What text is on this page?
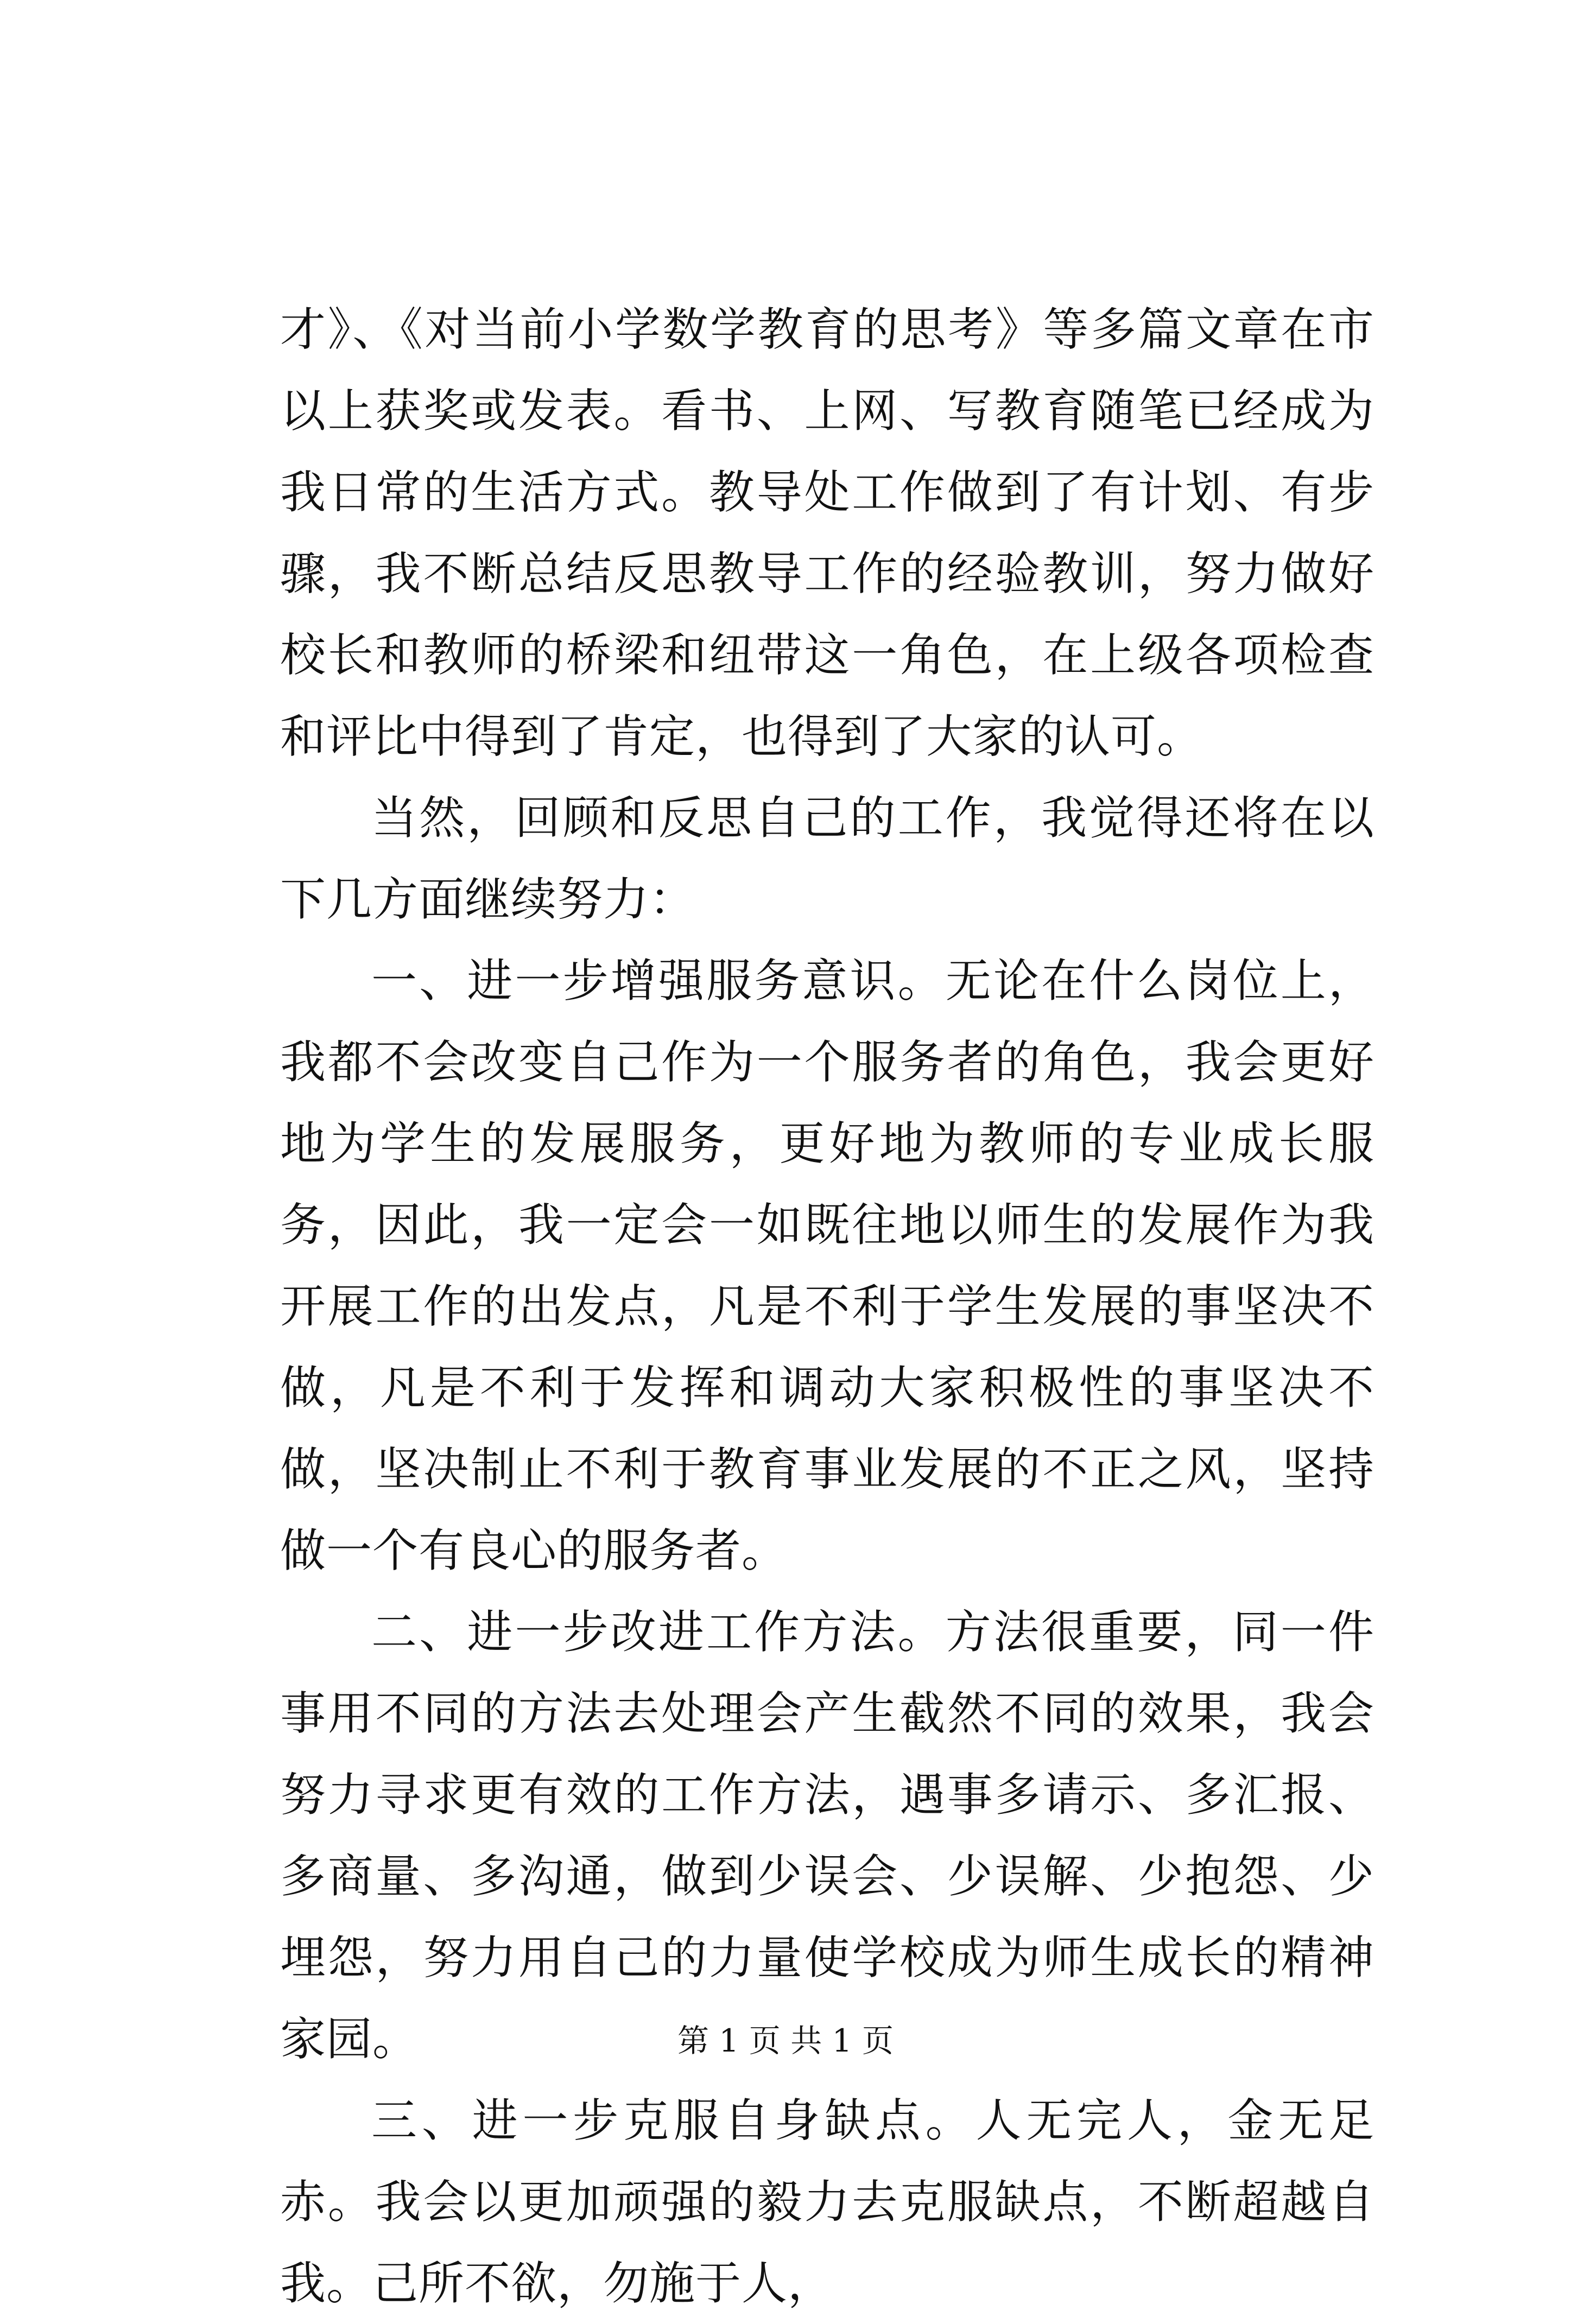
才》、《对当前小学数学教育的思考》等多篇文章在市以上获奖或发表。看书、上网、写教育随笔已经成为我日常的生活方式。教导处工作做到了有计划、有步骤，我不断总结反思教导工作的经验教训，努力做好校长和教师的桥梁和纽带这一角色，在上级各项检查和评比中得到了肯定，也得到了大家的认可。

当然，回顾和反思自己的工作，我觉得还将在以下几方面继续努力：

一、进一步增强服务意识。无论在什么岗位上，我都不会改变自己作为一个服务者的角色，我会更好地为学生的发展服务，更好地为教师的专业成长服务，因此，我一定会一如既往地以师生的发展作为我开展工作的出发点，凡是不利于学生发展的事坚决不做，凡是不利于发挥和调动大家积极性的事坚决不做，坚决制止不利于教育事业发展的不正之风，坚持做一个有良心的服务者。

二、进一步改进工作方法。方法很重要，同一件事用不同的方法去处理会产生截然不同的效果，我会努力寻求更有效的工作方法，遇事多请示、多汇报、多商量、多沟通，做到少误会、少误解、少抱怨、少埋怨，努力用自己的力量使学校成为师生成长的精神家园。

三、进一步克服自身缺点。人无完人，金无足赤。我会以更加顽强的毅力去克服缺点，不断超越自我。己所不欲，勿施于人，

第 1 页 共 1 页
